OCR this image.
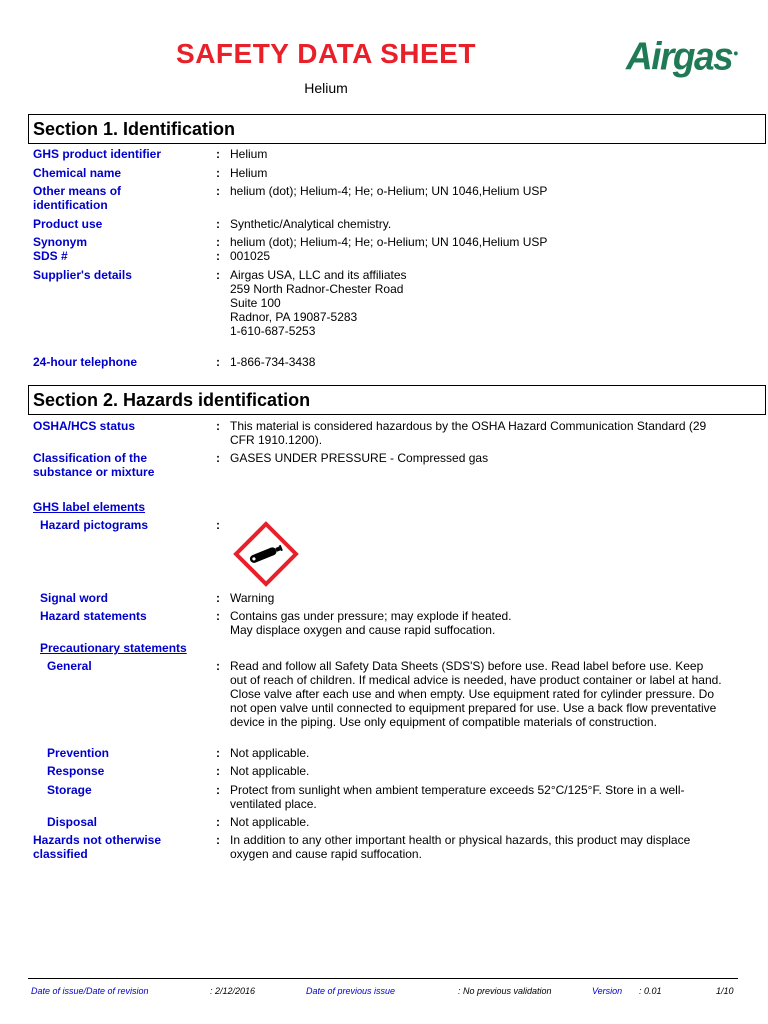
SAFETY DATA SHEET
Helium
Airgas●
Section 1. Identification
GHS product identifier	: Helium
Chemical name	: Helium
Other means of identification
: helium (dot); Helium-4; He; o-Helium; UN 1046,Helium USP
Product use	: Synthetic/Analytical chemistry.
Synonym	: helium (dot); Helium-4; He; o-Helium; UN 1046,Helium USP
SDS #	: 001025
Supplier's details	: Airgas USA, LLC and its affiliates
259 North Radnor-Chester Road
Suite 100
Radnor, PA 19087-5283
1-610-687-5253
24-hour telephone	: 1-866-734-3438
Section 2. Hazards identification
OSHA/HCS status	: This material is considered hazardous by the OSHA Hazard Communication Standard (29 CFR 1910.1200).
Classification of the substance or mixture
: GASES UNDER PRESSURE - Compressed gas
GHS label elements
Hazard pictograms	:
Signal word	: Warning
Hazard statements	: Contains gas under pressure; may explode if heated.
May displace oxygen and cause rapid suffocation.
Precautionary statements
General	: Read and follow all Safety Data Sheets (SDS'S) before use. Read label before use. Keep out of reach of children. If medical advice is needed, have product container or label at hand. Close valve after each use and when empty. Use equipment rated for cylinder pressure. Do not open valve until connected to equipment prepared for use. Use a back flow preventative device in the piping. Use only equipment of compatible materials of construction.
Prevention	: Not applicable.
Response	: Not applicable.
Storage	: Protect from sunlight when ambient temperature exceeds 52°C/125°F. Store in a well-ventilated place.
Disposal	: Not applicable.
Hazards not otherwise classified
: In addition to any other important health or physical hazards, this product may displace oxygen and cause rapid suffocation.
Date of issue/Date of revision	: 2/12/2016	Date of previous issue	: No previous validation	Version : 0.01	1/10
